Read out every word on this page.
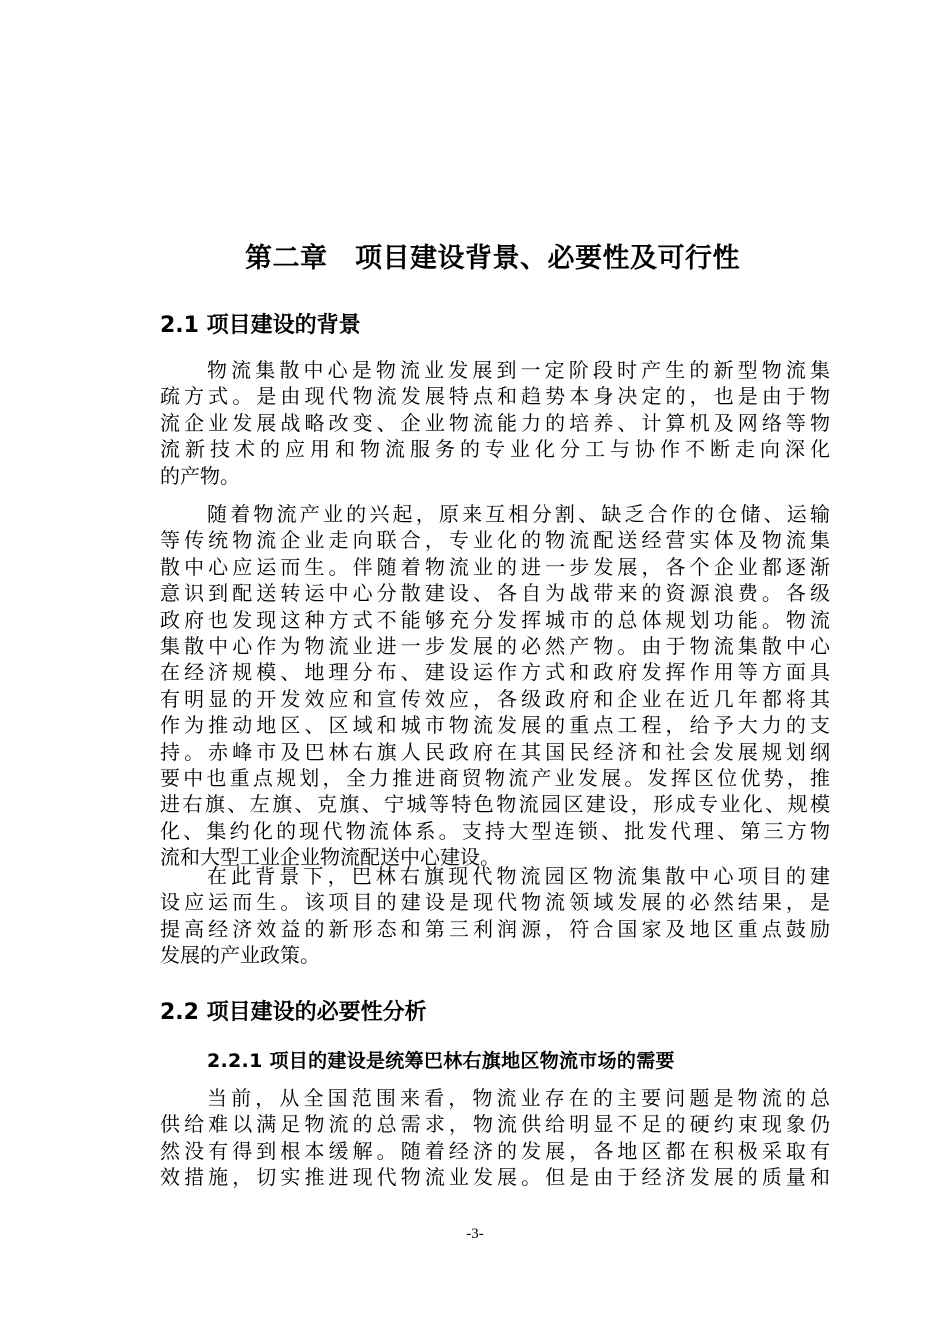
第二章　项目建设背景、必要性及可行性
2.1 项目建设的背景
物流集散中心是物流业发展到一定阶段时产生的新型物流集
疏方式。是由现代物流发展特点和趋势本身决定的，也是由于物
流企业发展战略改变、企业物流能力的培养、计算机及网络等物
流新技术的应用和物流服务的专业化分工与协作不断走向深化
的产物。
随着物流产业的兴起，原来互相分割、缺乏合作的仓储、运输
等传统物流企业走向联合，专业化的物流配送经营实体及物流集
散中心应运而生。伴随着物流业的进一步发展，各个企业都逐渐
意识到配送转运中心分散建设、各自为战带来的资源浪费。各级
政府也发现这种方式不能够充分发挥城市的总体规划功能。物流
集散中心作为物流业进一步发展的必然产物。由于物流集散中心
在经济规模、地理分布、建设运作方式和政府发挥作用等方面具
有明显的开发效应和宣传效应，各级政府和企业在近几年都将其
作为推动地区、区域和城市物流发展的重点工程，给予大力的支
持。赤峰市及巴林右旗人民政府在其国民经济和社会发展规划纲
要中也重点规划，全力推进商贸物流产业发展。发挥区位优势，推
进右旗、左旗、克旗、宁城等特色物流园区建设，形成专业化、规模
化、集约化的现代物流体系。支持大型连锁、批发代理、第三方物
流和大型工业企业物流配送中心建设。
在此背景下，巴林右旗现代物流园区物流集散中心项目的建
设应运而生。该项目的建设是现代物流领域发展的必然结果，是
提高经济效益的新形态和第三利润源，符合国家及地区重点鼓励
发展的产业政策。
2.2 项目建设的必要性分析
2.2.1 项目的建设是统筹巴林右旗地区物流市场的需要
当前，从全国范围来看，物流业存在的主要问题是物流的总
供给难以满足物流的总需求，物流供给明显不足的硬约束现象仍
然没有得到根本缓解。随着经济的发展，各地区都在积极采取有
效措施，切实推进现代物流业发展。但是由于经济发展的质量和
-3-
